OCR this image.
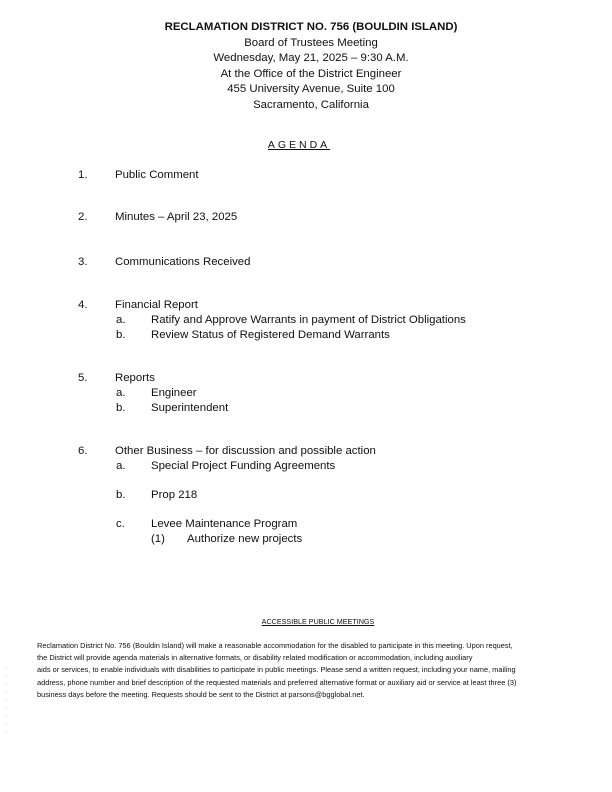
RECLAMATION DISTRICT NO. 756 (BOULDIN ISLAND)
Board of Trustees Meeting
Wednesday, May 21, 2025 – 9:30 A.M.
At the Office of the District Engineer
455 University Avenue, Suite 100
Sacramento, California
AGENDA
1. Public Comment
2. Minutes – April 23, 2025
3. Communications Received
4. Financial Report
a. Ratify and Approve Warrants in payment of District Obligations
b. Review Status of Registered Demand Warrants
5. Reports
a. Engineer
b. Superintendent
6. Other Business – for discussion and possible action
a. Special Project Funding Agreements
b. Prop 218
c. Levee Maintenance Program
(1) Authorize new projects
ACCESSIBLE PUBLIC MEETINGS
Reclamation District No. 756 (Bouldin Island) will make a reasonable accommodation for the disabled to participate in this meeting. Upon request,
the District will provide agenda materials in alternative formats, or disability related modification or accommodation, including auxiliary
aids or services, to enable individuals with disabilities to participate in public meetings. Please send a written request, including your name, mailing
address, phone number and brief description of the requested materials and preferred alternative format or auxiliary aid or service at least three (3)
business days before the meeting. Requests should be sent to the District at parsons@bgglobal.net.
·
·
·
·
·
·
·
·
·
